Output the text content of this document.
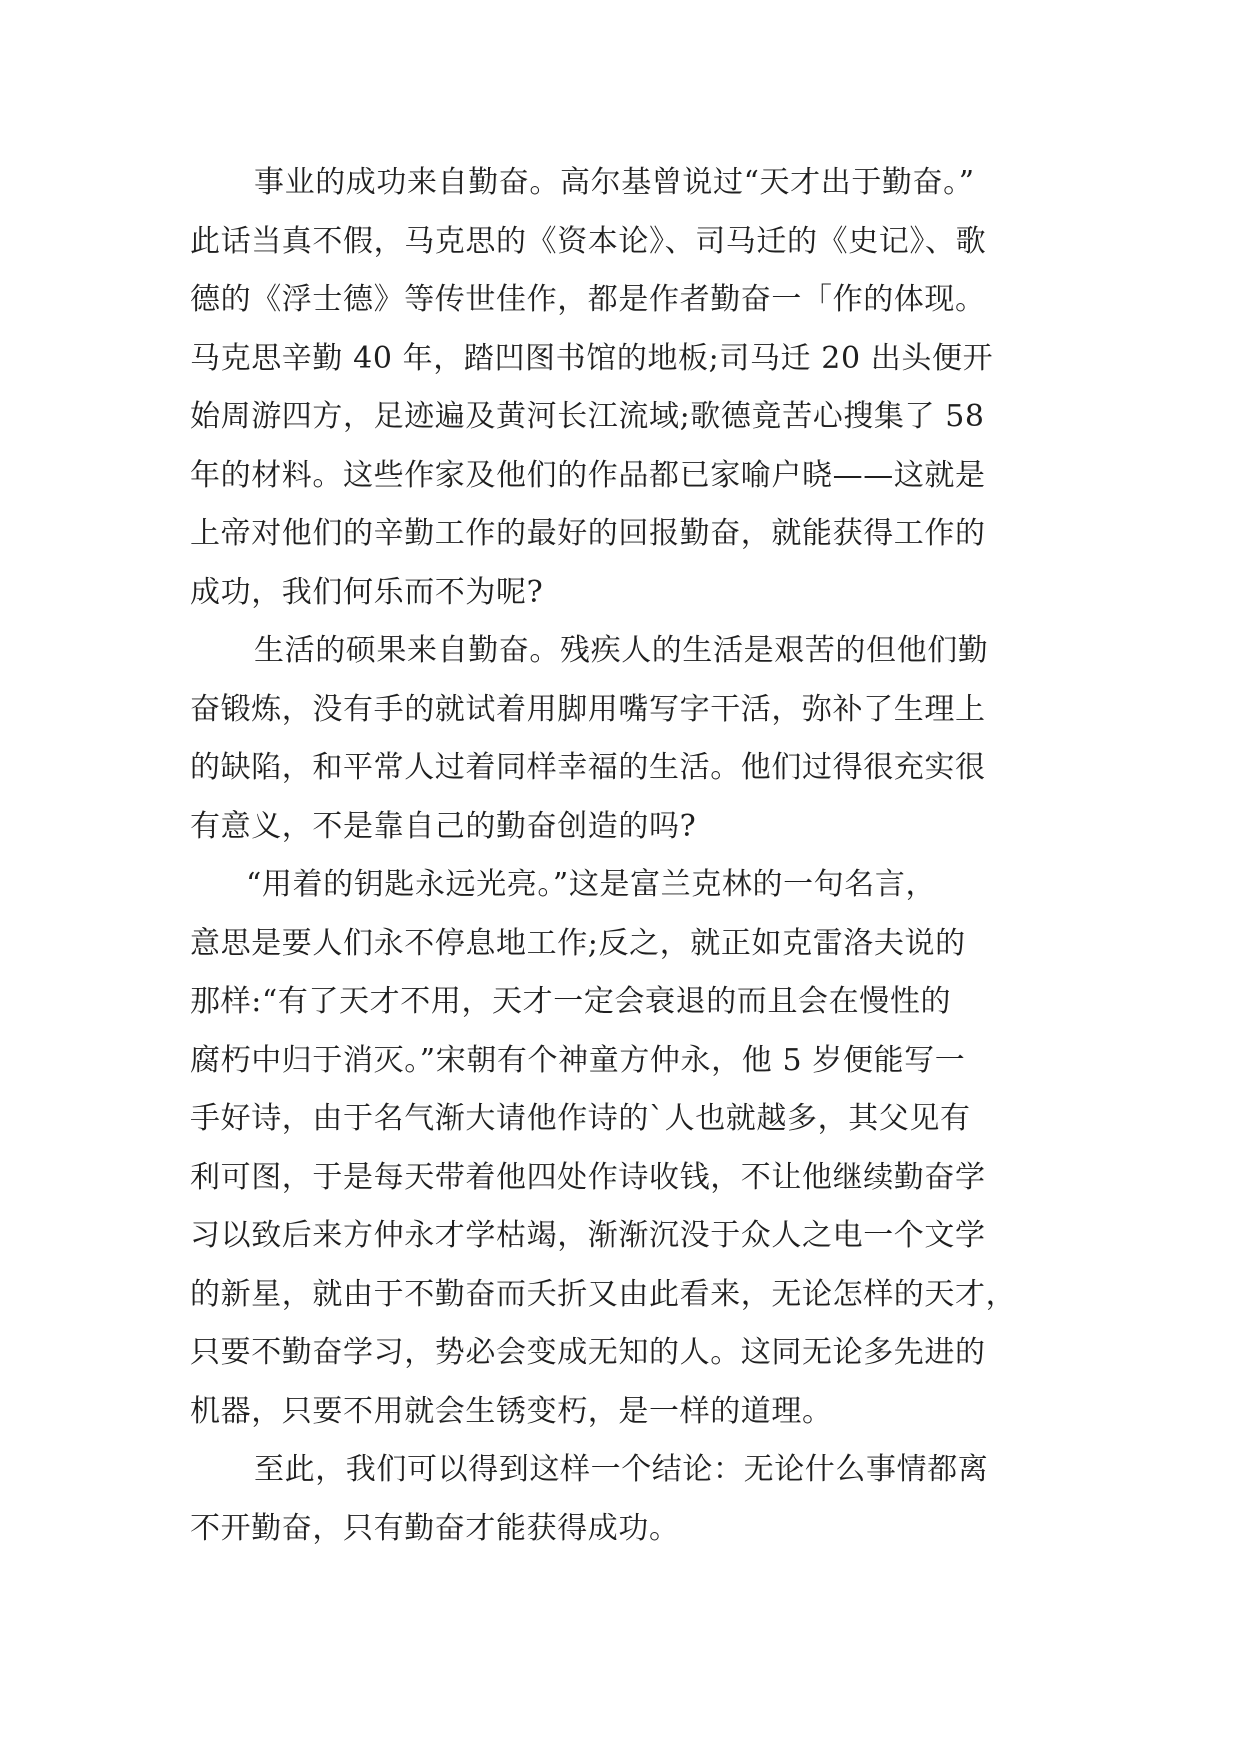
事业的成功来自勤奋。高尔基曾说过“天才出于勤奋。”
此话当真不假，马克思的《资本论》、司马迁的《史记》、歌
德的《浮士德》等传世佳作，都是作者勤奋一「作的体现。
马克思辛勤 40 年，踏凹图书馆的地板;司马迁 20 出头便开
始周游四方，足迹遍及黄河长江流域;歌德竟苦心搜集了 58
年的材料。这些作家及他们的作品都已家喻户晓——这就是
上帝对他们的辛勤工作的最好的回报勤奋，就能获得工作的
成功，我们何乐而不为呢?

生活的硕果来自勤奋。残疾人的生活是艰苦的但他们勤
奋锻炼，没有手的就试着用脚用嘴写字干活，弥补了生理上
的缺陷，和平常人过着同样幸福的生活。他们过得很充实很
有意义，不是靠自己的勤奋创造的吗?

“用着的钥匙永远光亮。”这是富兰克林的一句名言，
意思是要人们永不停息地工作;反之，就正如克雷洛夫说的
那样:“有了天才不用，天才一定会衰退的而且会在慢性的
腐朽中归于消灭。”宋朝有个神童方仲永，他 5 岁便能写一
手好诗，由于名气渐大请他作诗的`人也就越多，其父见有
利可图，于是每天带着他四处作诗收钱，不让他继续勤奋学
习以致后来方仲永才学枯竭，渐渐沉没于众人之电一个文学
的新星，就由于不勤奋而夭折又由此看来，无论怎样的天才，
只要不勤奋学习，势必会变成无知的人。这同无论多先进的
机器，只要不用就会生锈变朽，是一样的道理。

至此，我们可以得到这样一个结论：无论什么事情都离
不开勤奋，只有勤奋才能获得成功。
